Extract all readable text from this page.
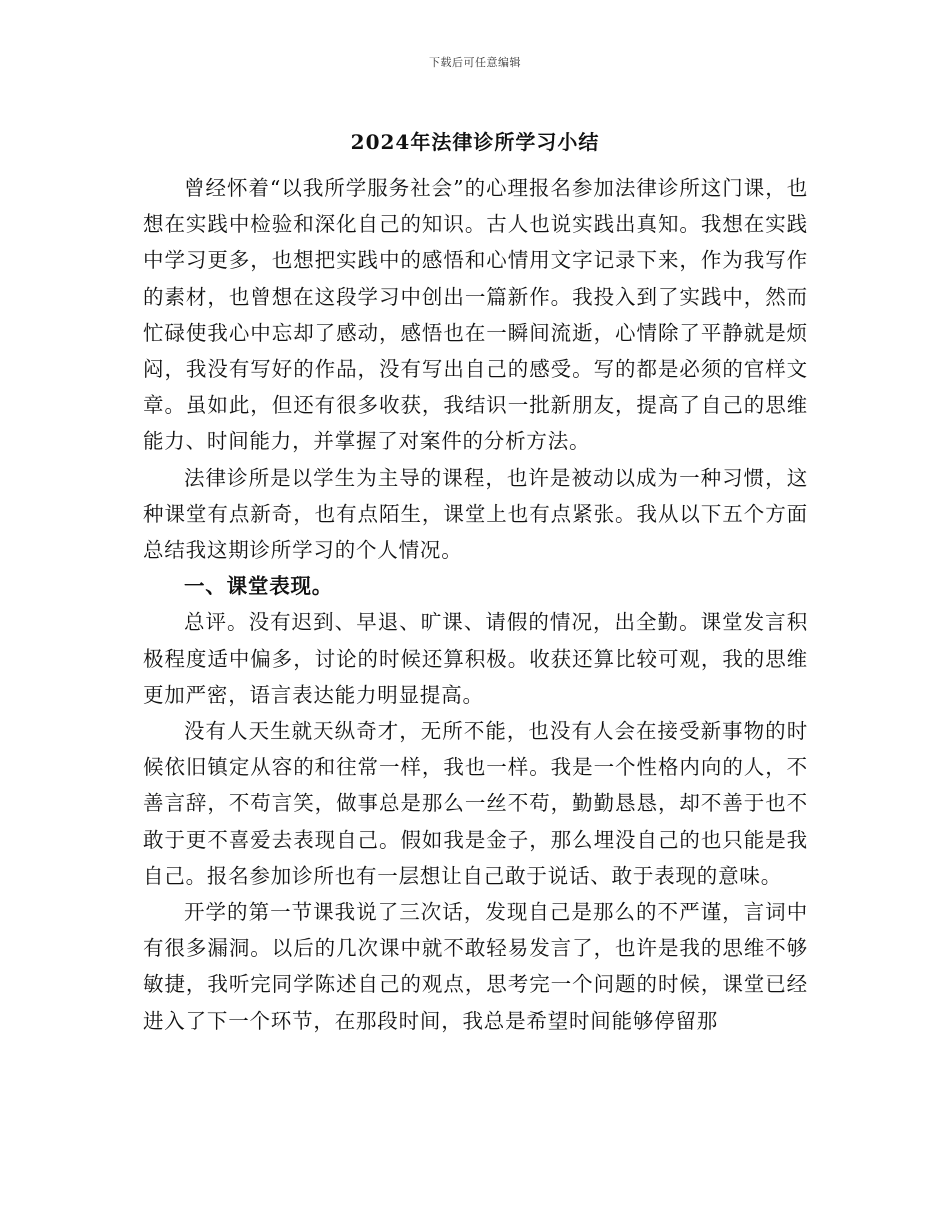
下载后可任意编辑
2024年法律诊所学习小结

曾经怀着“以我所学服务社会”的心理报名参加法律诊所这门课，也想在实践中检验和深化自己的知识。古人也说实践出真知。我想在实践中学习更多，也想把实践中的感悟和心情用文字记录下来，作为我写作的素材，也曾想在这段学习中创出一篇新作。我投入到了实践中，然而忙碌使我心中忘却了感动，感悟也在一瞬间流逝，心情除了平静就是烦闷，我没有写好的作品，没有写出自己的感受。写的都是必须的官样文章。虽如此，但还有很多收获，我结识一批新朋友，提高了自己的思维能力、时间能力，并掌握了对案件的分析方法。

法律诊所是以学生为主导的课程，也许是被动以成为一种习惯，这种课堂有点新奇，也有点陌生，课堂上也有点紧张。我从以下五个方面总结我这期诊所学习的个人情况。

一、课堂表现。

总评。没有迟到、早退、旷课、请假的情况，出全勤。课堂发言积极程度适中偏多，讨论的时候还算积极。收获还算比较可观，我的思维更加严密，语言表达能力明显提高。

没有人天生就天纵奇才，无所不能，也没有人会在接受新事物的时候依旧镇定从容的和往常一样，我也一样。我是一个性格内向的人，不善言辞，不苟言笑，做事总是那么一丝不苟，勤勤恳恳，却不善于也不敢于更不喜爱去表现自己。假如我是金子，那么埋没自己的也只能是我自己。报名参加诊所也有一层想让自己敢于说话、敢于表现的意味。

开学的第一节课我说了三次话，发现自己是那么的不严谨，言词中有很多漏洞。以后的几次课中就不敢轻易发言了，也许是我的思维不够敏捷，我听完同学陈述自己的观点，思考完一个问题的时候，课堂已经进入了下一个环节，在那段时间，我总是希望时间能够停留那
